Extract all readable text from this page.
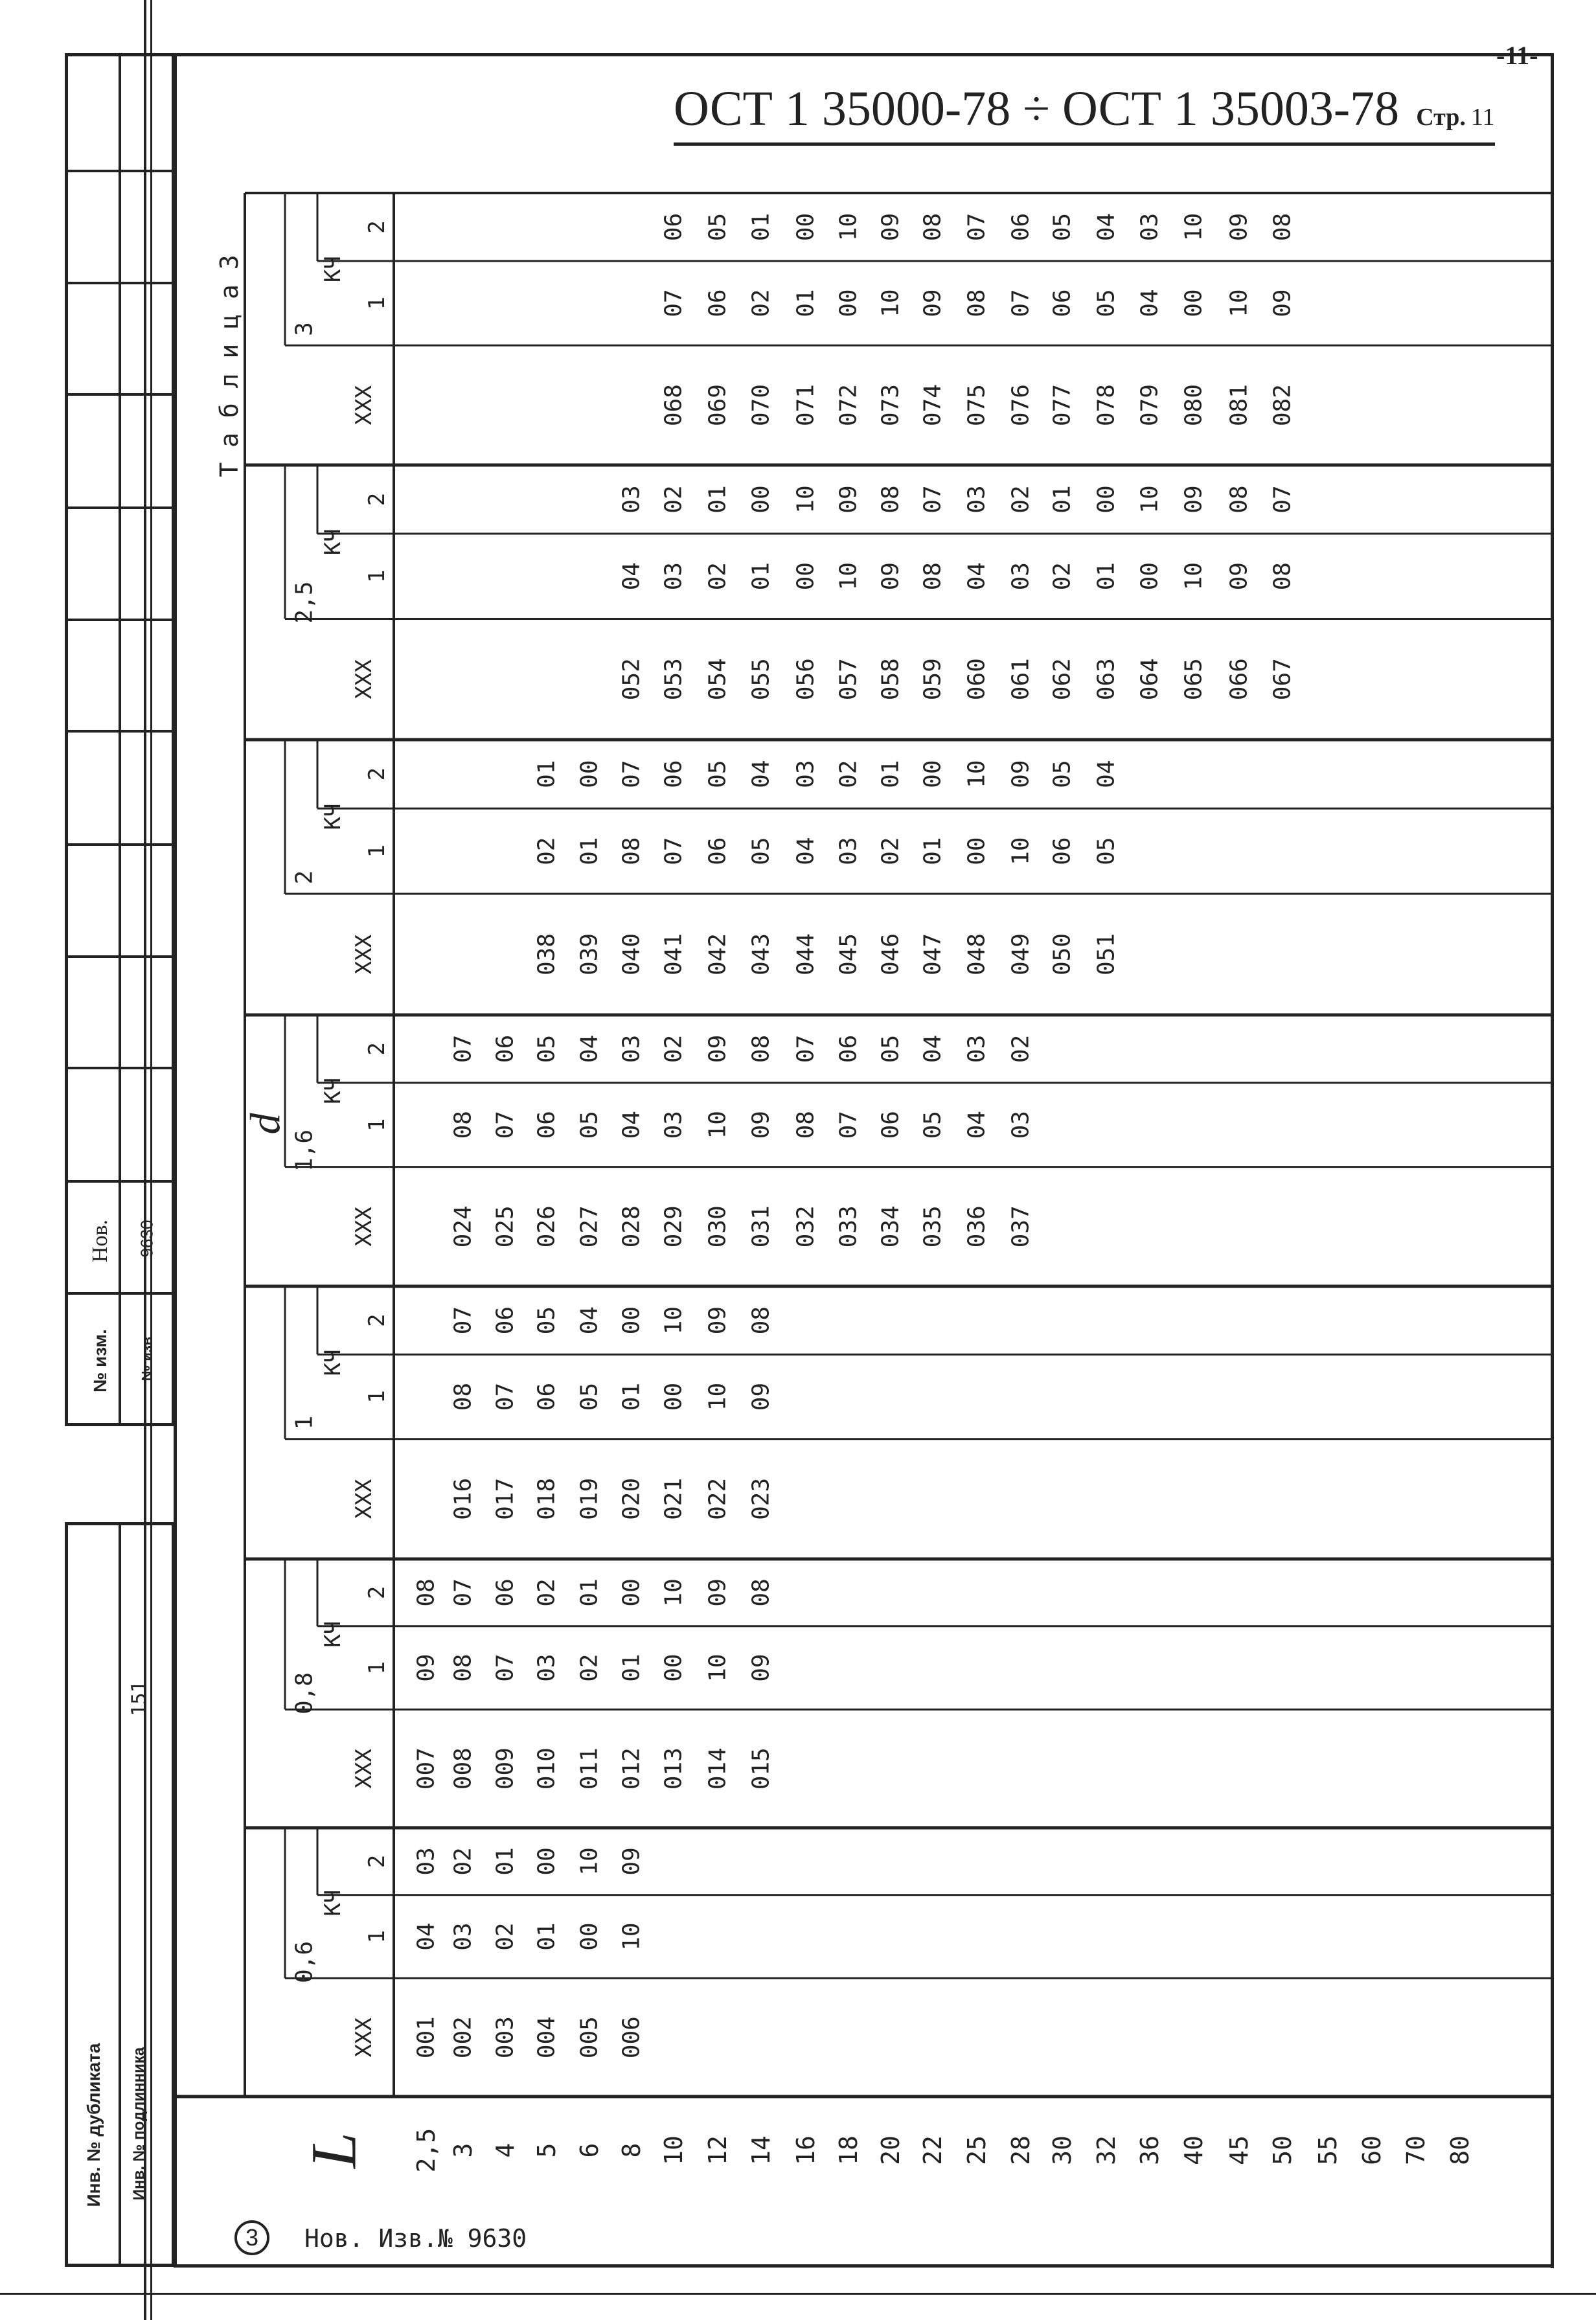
-11-
ОСТ 1 35000-78 ÷ ОСТ 1 35003-78 Стр. 11
Инв. № дубликата Инв. № подлинника
151
Нов. 9630
№ изм. № изв
0,6
XXX
КЧ
1
2
001
04
03
002
03
02
003
02
01
004
01
00
005
00
10
006
10
09
0,8
XXX
КЧ
1
2
007
09
08
008
08
07
009
07
06
010
03
02
011
02
01
012
01
00
013
00
10
014
10
09
015
09
08
1
XXX
КЧ
1
2
016
08
07
017
07
06
018
06
05
019
05
04
020
01
00
021
00
10
022
10
09
023
09
08
1,6
XXX
КЧ
1
2
024
08
07
025
07
06
026
06
05
027
05
04
028
04
03
029
03
02
030
10
09
031
09
08
032
08
07
033
07
06
034
06
05
035
05
04
036
04
03
037
03
02
2
XXX
КЧ
1
2
038
02
01
039
01
00
040
08
07
041
07
06
042
06
05
043
05
04
044
04
03
045
03
02
046
02
01
047
01
00
048
00
10
049
10
09
050
06
05
051
05
04
2,5
XXX
КЧ
1
2
052
04
03
053
03
02
054
02
01
055
01
00
056
00
10
057
10
09
058
09
08
059
08
07
060
04
03
061
03
02
062
02
01
063
01
00
064
00
10
065
10
09
066
09
08
067
08
07
3
XXX
КЧ
1
2
068
07
06
069
06
05
070
02
01
071
01
00
072
00
10
073
10
09
074
09
08
075
08
07
076
07
06
077
06
05
078
05
04
079
04
03
080
00
10
081
10
09
082
09
08
2,5 3 4 5 6 8 10 12 14 16 18 20 22 25 28 30 32 36 40 45 50 55 60 70 80
L
d
Т а б л и ц а 3
3	Нов. Изв.№ 9630
